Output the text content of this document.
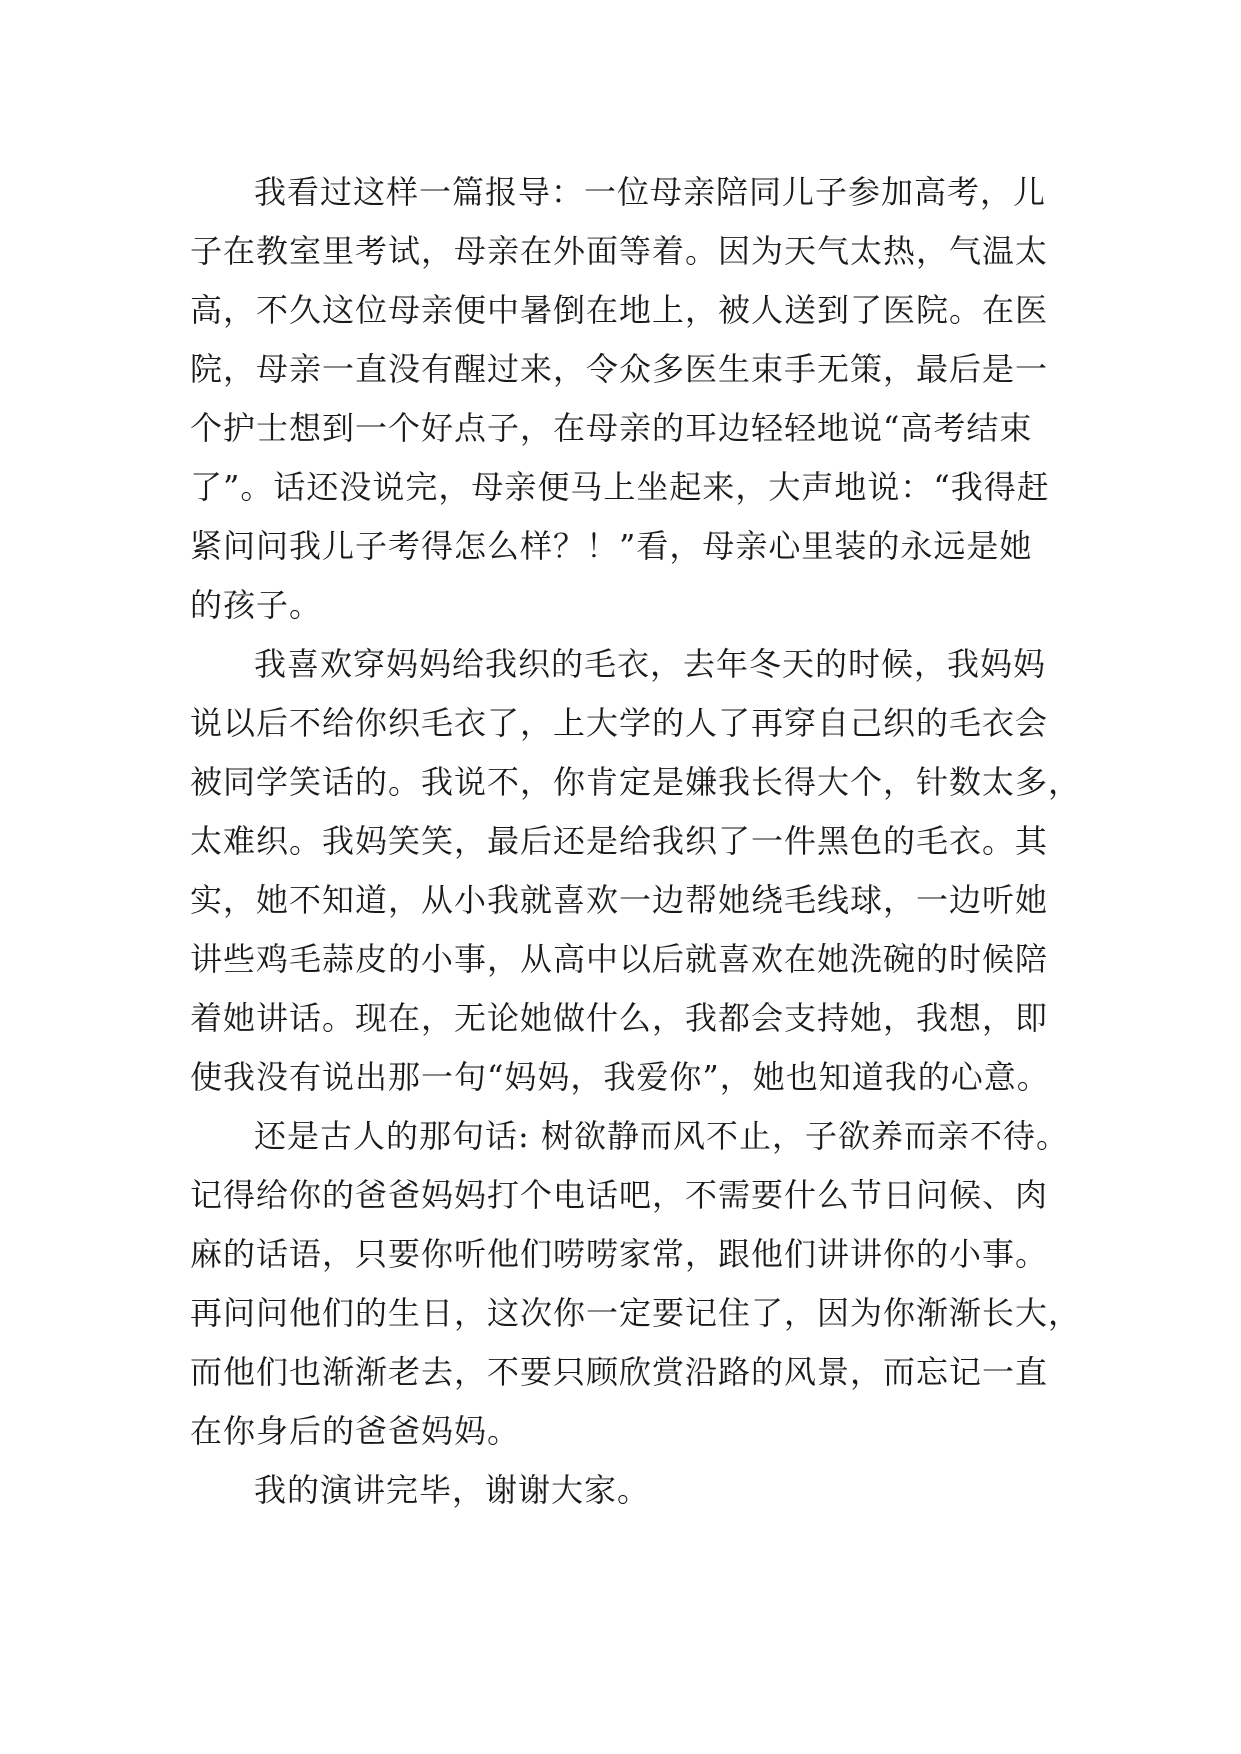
我看过这样一篇报导：一位母亲陪同儿子参加高考，儿
子在教室里考试，母亲在外面等着。因为天气太热，气温太
高，不久这位母亲便中暑倒在地上，被人送到了医院。在医
院，母亲一直没有醒过来，令众多医生束手无策，最后是一
个护士想到一个好点子，在母亲的耳边轻轻地说“高考结束
了”。话还没说完，母亲便马上坐起来，大声地说：“我得赶
紧问问我儿子考得怎么样？！”看，母亲心里装的永远是她
的孩子。

我喜欢穿妈妈给我织的毛衣，去年冬天的时候，我妈妈
说以后不给你织毛衣了，上大学的人了再穿自己织的毛衣会
被同学笑话的。我说不，你肯定是嫌我长得大个，针数太多，
太难织。我妈笑笑，最后还是给我织了一件黑色的毛衣。其
实，她不知道，从小我就喜欢一边帮她绕毛线球，一边听她
讲些鸡毛蒜皮的小事，从高中以后就喜欢在她洗碗的时候陪
着她讲话。现在，无论她做什么，我都会支持她，我想，即
使我没有说出那一句“妈妈，我爱你”，她也知道我的心意。

还是古人的那句话: 树欲静而风不止，子欲养而亲不待。
记得给你的爸爸妈妈打个电话吧，不需要什么节日问候、肉
麻的话语，只要你听他们唠唠家常，跟他们讲讲你的小事。
再问问他们的生日，这次你一定要记住了，因为你渐渐长大，
而他们也渐渐老去，不要只顾欣赏沿路的风景，而忘记一直
在你身后的爸爸妈妈。

我的演讲完毕，谢谢大家。
